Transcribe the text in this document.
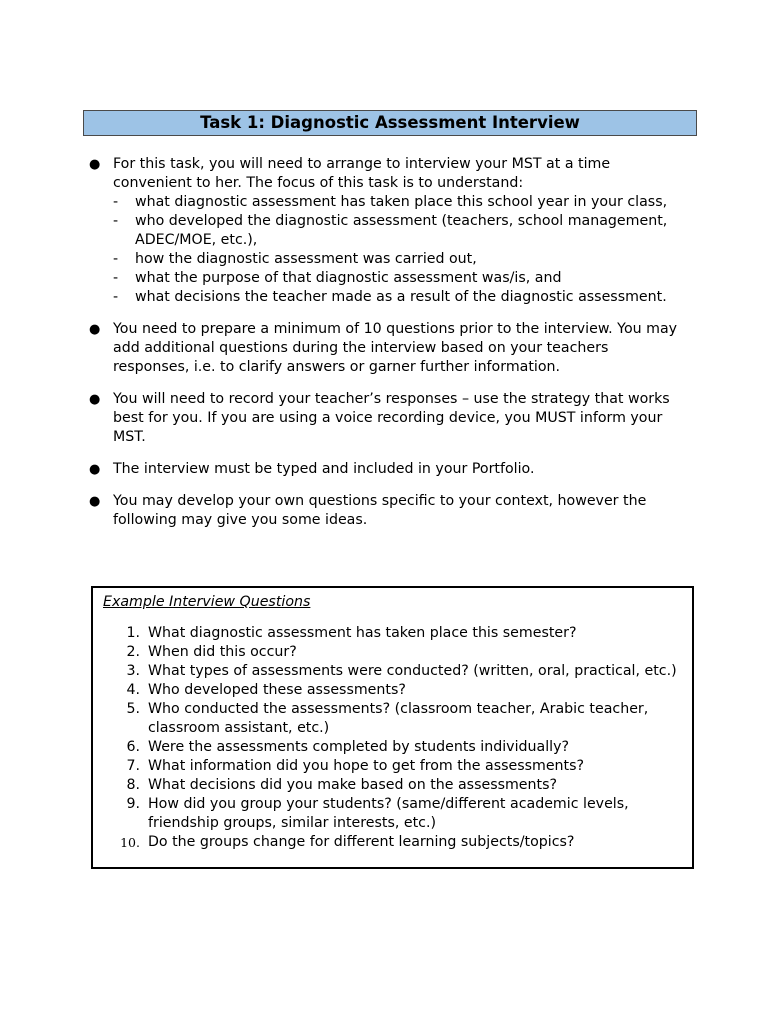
Task 1: Diagnostic Assessment Interview
● For this task, you will need to arrange to interview your MST at a time convenient to her. The focus of this task is to understand:
- what diagnostic assessment has taken place this school year in your class,
- who developed the diagnostic assessment (teachers, school management, ADEC/MOE, etc.),
- how the diagnostic assessment was carried out,
- what the purpose of that diagnostic assessment was/is, and
- what decisions the teacher made as a result of the diagnostic assessment.
● You need to prepare a minimum of 10 questions prior to the interview. You may add additional questions during the interview based on your teachers responses, i.e. to clarify answers or garner further information.
● You will need to record your teacher’s responses – use the strategy that works best for you. If you are using a voice recording device, you MUST inform your MST.
● The interview must be typed and included in your Portfolio.
● You may develop your own questions specific to your context, however the following may give you some ideas.
Example Interview Questions
1. What diagnostic assessment has taken place this semester?
2. When did this occur?
3. What types of assessments were conducted? (written, oral, practical, etc.)
4. Who developed these assessments?
5. Who conducted the assessments? (classroom teacher, Arabic teacher, classroom assistant, etc.)
6. Were the assessments completed by students individually?
7. What information did you hope to get from the assessments?
8. What decisions did you make based on the assessments?
9. How did you group your students? (same/different academic levels, friendship groups, similar interests, etc.)
10. Do the groups change for different learning subjects/topics?
